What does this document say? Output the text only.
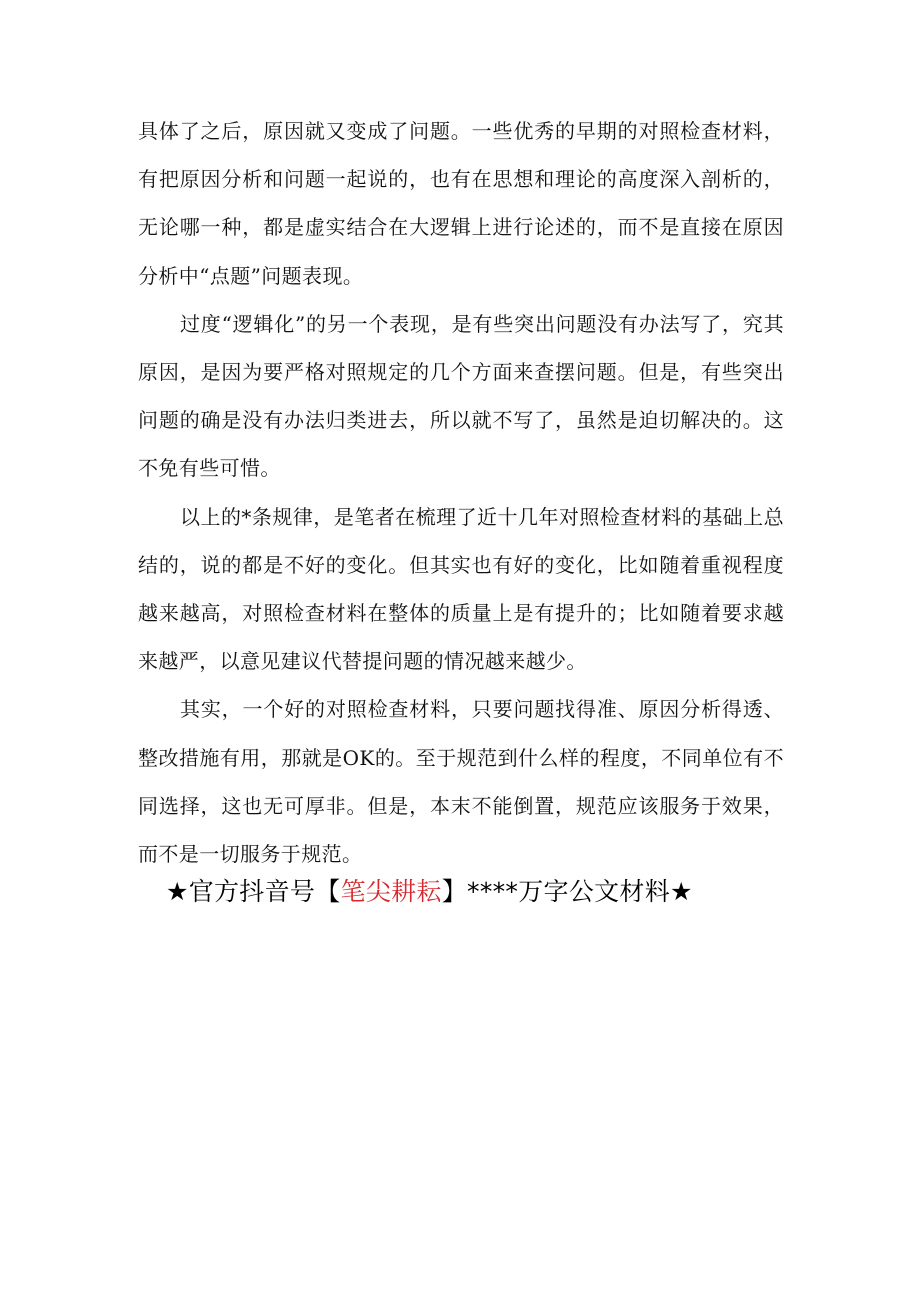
具体了之后，原因就又变成了问题。一些优秀的早期的对照检查材料，有把原因分析和问题一起说的，也有在思想和理论的高度深入剖析的，无论哪一种，都是虚实结合在大逻辑上进行论述的，而不是直接在原因分析中“点题”问题表现。

过度“逻辑化”的另一个表现，是有些突出问题没有办法写了，究其原因，是因为要严格对照规定的几个方面来查摆问题。但是，有些突出问题的确是没有办法归类进去，所以就不写了，虽然是迫切解决的。这不免有些可惜。

以上的*条规律，是笔者在梳理了近十几年对照检查材料的基础上总结的，说的都是不好的变化。但其实也有好的变化，比如随着重视程度越来越高，对照检查材料在整体的质量上是有提升的；比如随着要求越来越严，以意见建议代替提问题的情况越来越少。

其实，一个好的对照检查材料，只要问题找得准、原因分析得透、整改措施有用，那就是OK的。至于规范到什么样的程度，不同单位有不同选择，这也无可厚非。但是，本末不能倒置，规范应该服务于效果，而不是一切服务于规范。

★官方抖音号【笔尖耕耘】****万字公文材料★
